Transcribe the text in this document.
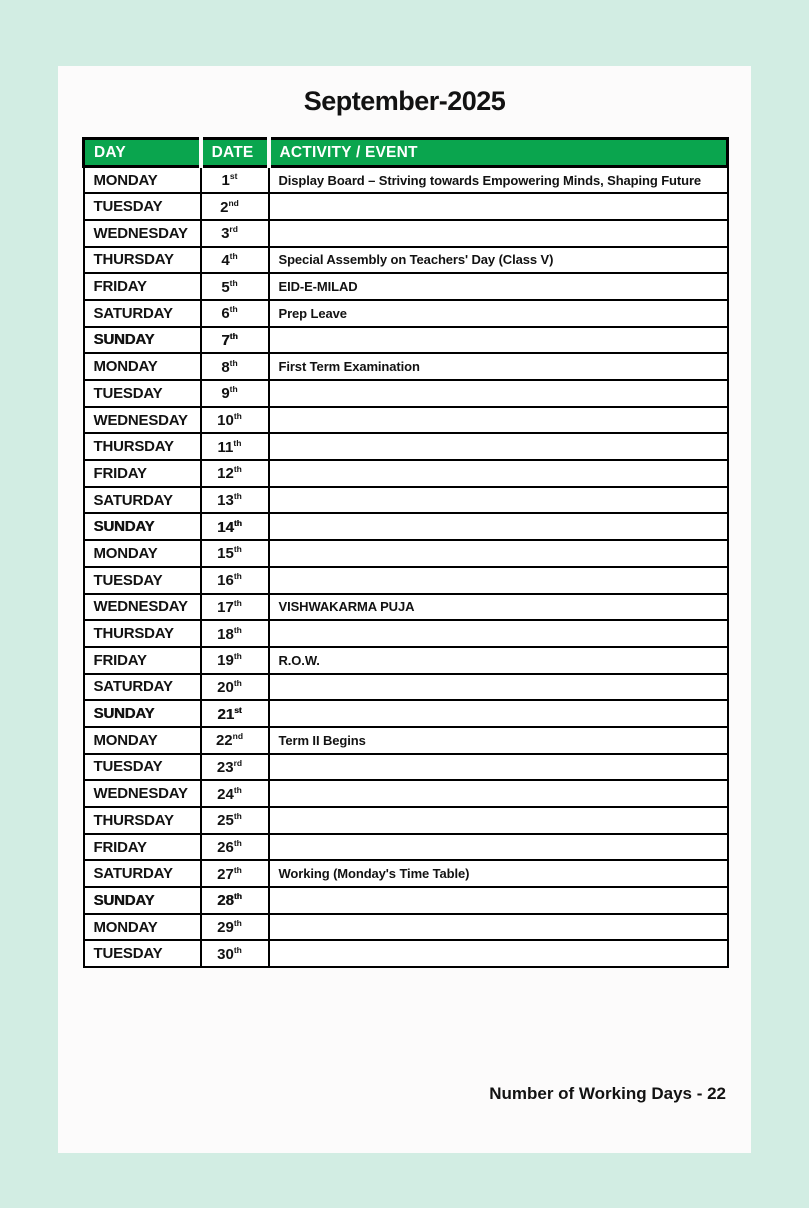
September-2025
DAY	DATE	ACTIVITY / EVENT
MONDAY	1st	Display Board – Striving towards Empowering Minds, Shaping Future
TUESDAY	2nd	
WEDNESDAY	3rd	
THURSDAY	4th	Special Assembly on Teachers' Day (Class V)
FRIDAY	5th	EID-E-MILAD
SATURDAY	6th	Prep Leave
SUNDAY	7th	
MONDAY	8th	First Term Examination
TUESDAY	9th	
WEDNESDAY	10th	
THURSDAY	11th	
FRIDAY	12th	
SATURDAY	13th	
SUNDAY	14th	
MONDAY	15th	
TUESDAY	16th	
WEDNESDAY	17th	VISHWAKARMA PUJA
THURSDAY	18th	
FRIDAY	19th	R.O.W.
SATURDAY	20th	
SUNDAY	21st	
MONDAY	22nd	Term II Begins
TUESDAY	23rd	
WEDNESDAY	24th	
THURSDAY	25th	
FRIDAY	26th	
SATURDAY	27th	Working (Monday's Time Table)
SUNDAY	28th	
MONDAY	29th	
TUESDAY	30th	
Number of Working Days - 22
